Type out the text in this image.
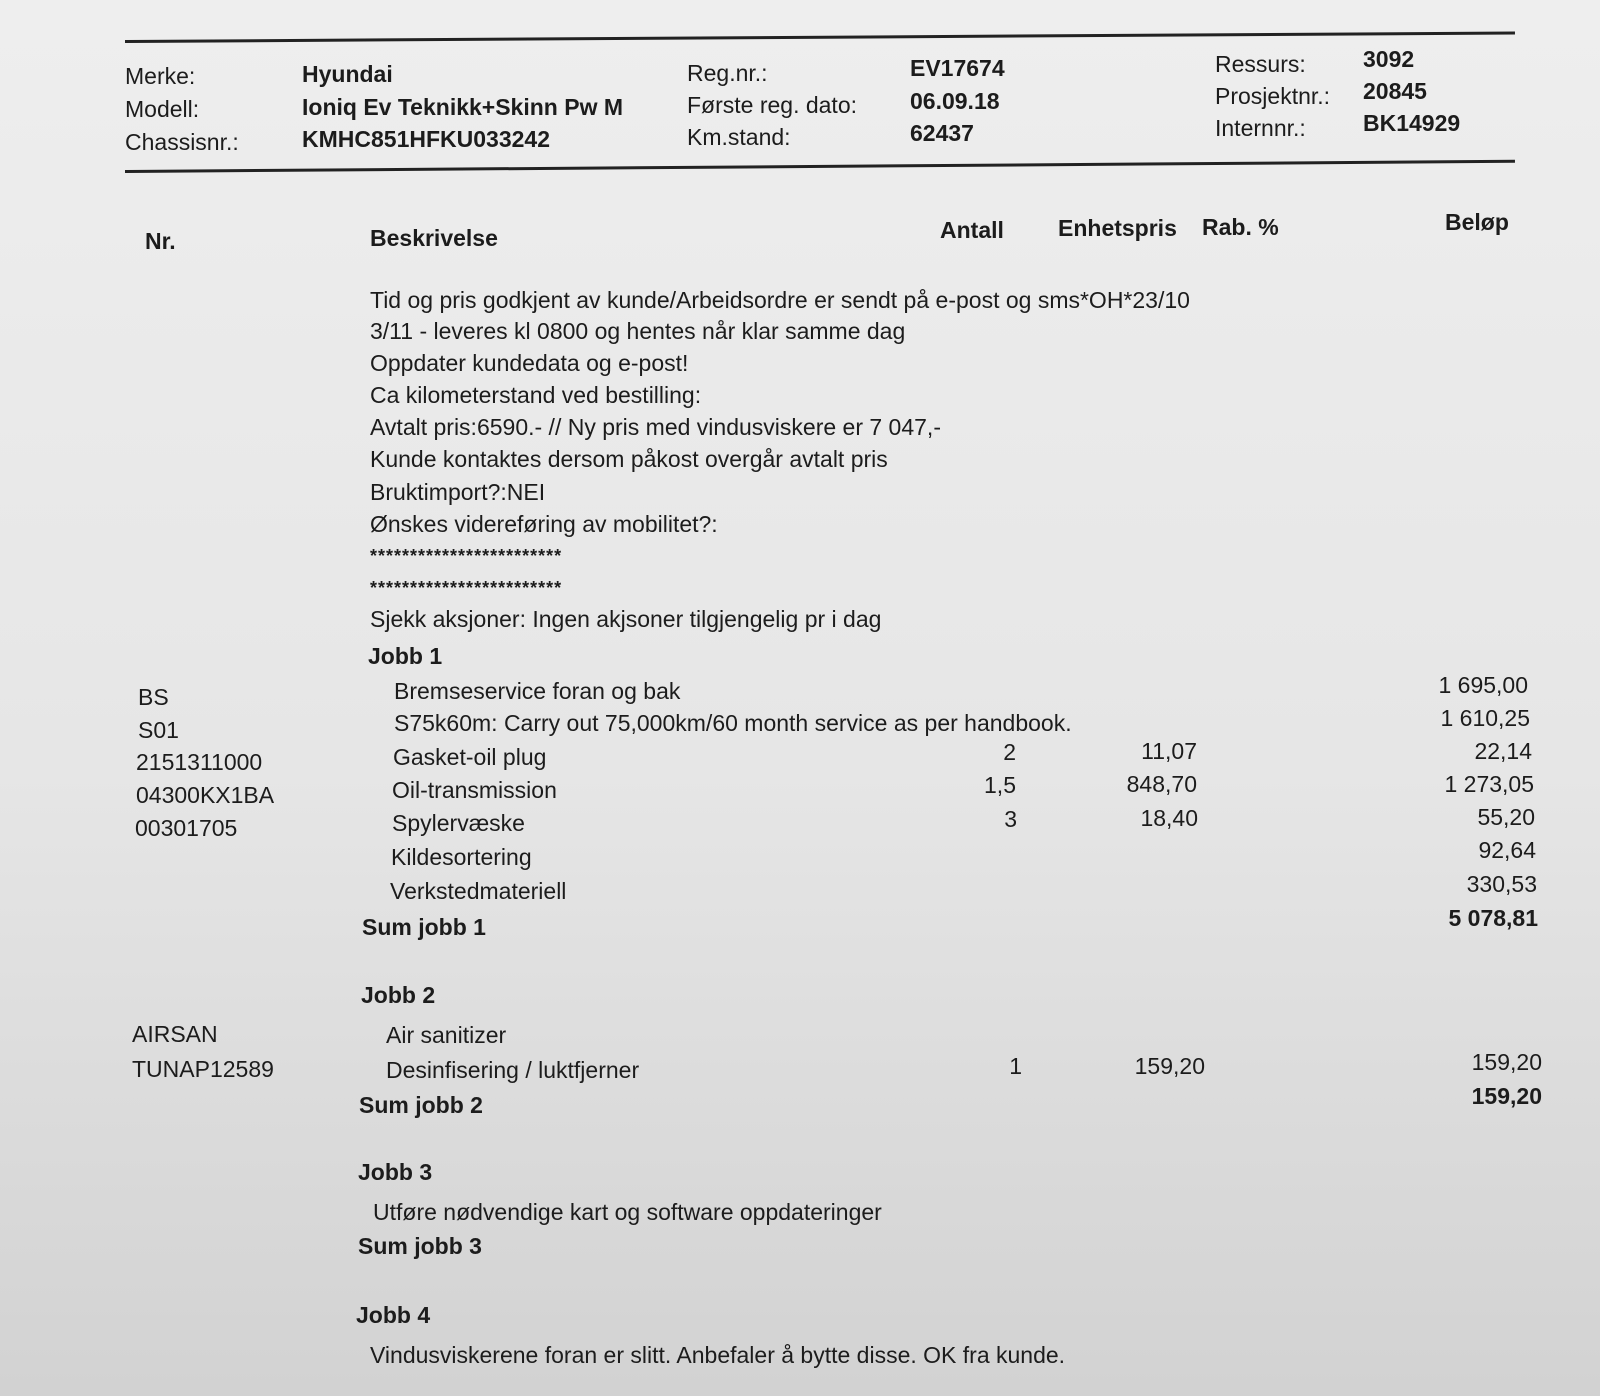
Merke:	Hyundai
Modell:	Ioniq Ev Teknikk+Skinn Pw M
Chassisnr.:	KMHC851HFKU033242
Reg.nr.:	EV17674
Første reg. dato: 06.09.18
Km.stand:	62437
Ressurs: 3092
Prosjektnr.: 20845
Internnr.: BK14929
Nr.	Beskrivelse	Antall Enhetspris Rab. %	Beløp
Tid og pris godkjent av kunde/Arbeidsordre er sendt på e-post og sms*OH*23/10
3/11 - leveres kl 0800 og hentes når klar samme dag
Oppdater kundedata og e-post!
Ca kilometerstand ved bestilling:
Avtalt pris:6590.- // Ny pris med vindusviskere er 7 047,-
Kunde kontaktes dersom påkost overgår avtalt pris
Bruktimport?:NEI
Ønskes videreføring av mobilitet?:
************************
************************
Sjekk aksjoner: Ingen akjsoner tilgjengelig pr i dag
Jobb 1
BS	Bremseservice foran og bak	1 695,00
S01	S75k60m: Carry out 75,000km/60 month service as per handbook.	1 610,25
2151311000	Gasket-oil plug	2	11,07	22,14
04300KX1BA	Oil-transmission	1,5	848,70	1 273,05
00301705	Spylervæske	3	18,40	55,20
Kildesortering	92,64
Verkstedmateriell	330,53
Sum jobb 1	5 078,81
Jobb 2
AIRSAN	Air sanitizer
TUNAP12589	Desinfisering / luktfjerner	1	159,20	159,20
Sum jobb 2	159,20
Jobb 3
Utføre nødvendige kart og software oppdateringer
Sum jobb 3
Jobb 4
Vindusviskerene foran er slitt. Anbefaler å bytte disse. OK fra kunde.
